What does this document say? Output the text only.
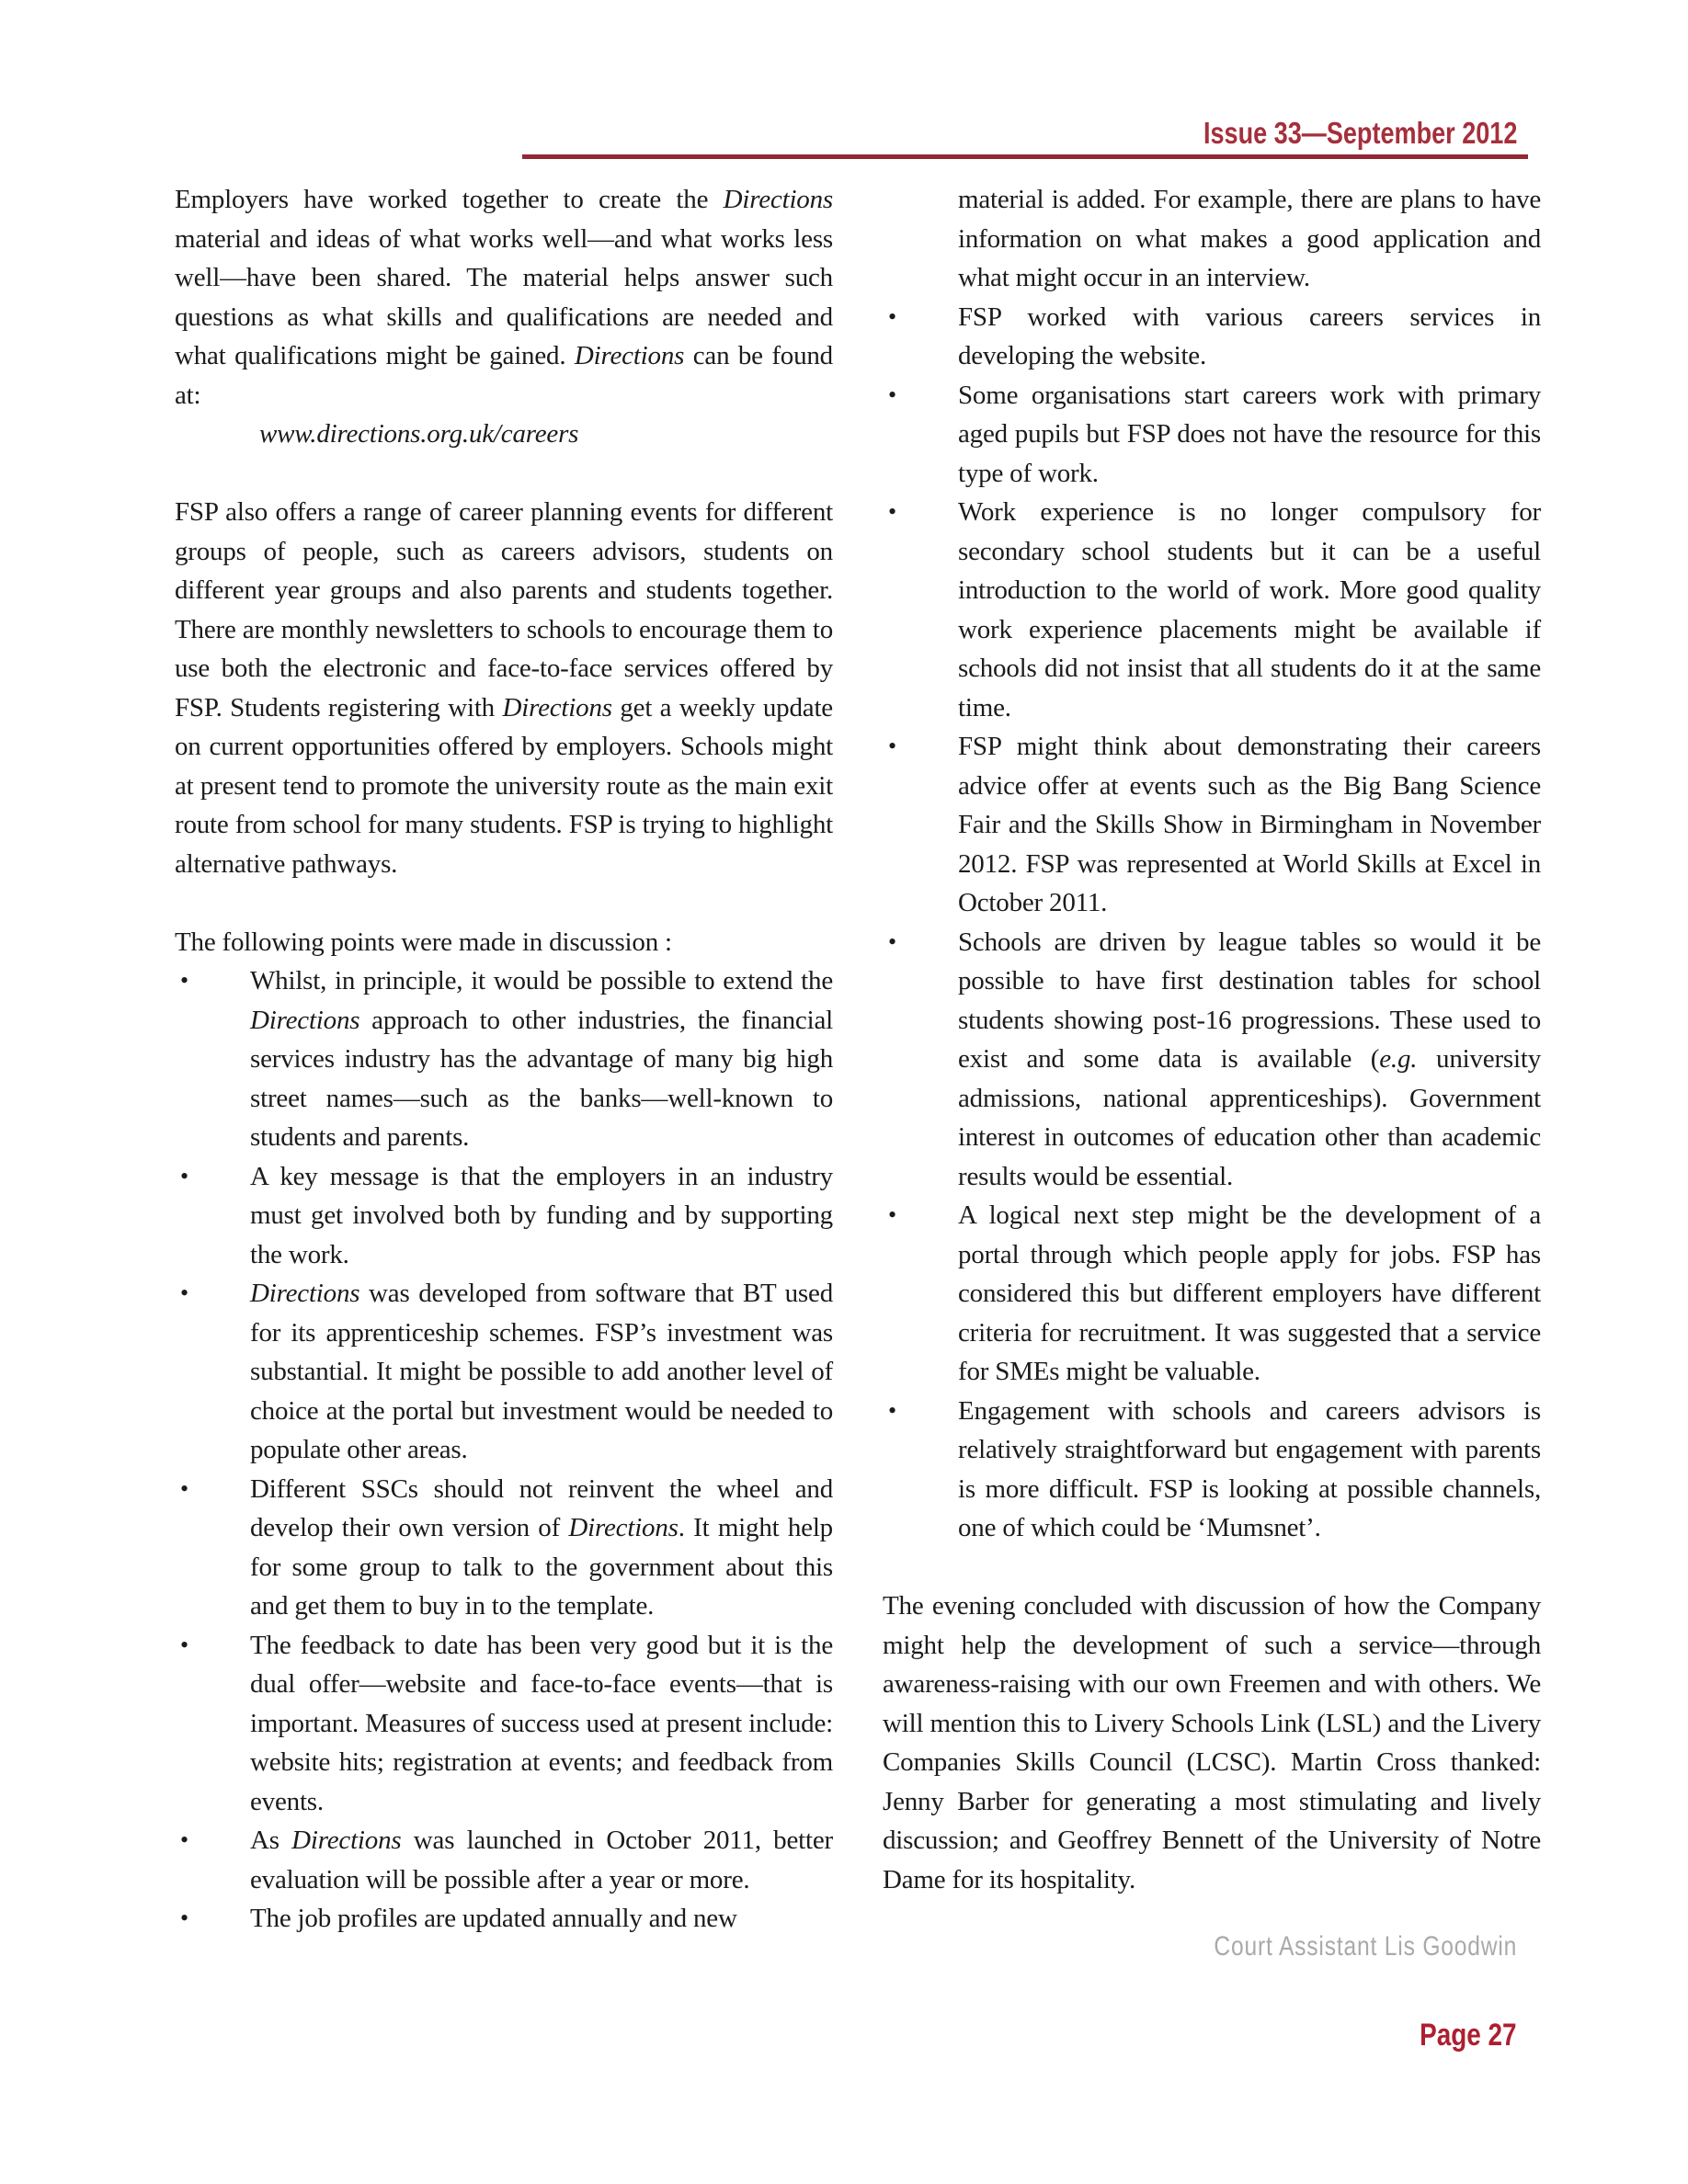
Issue 33—September 2012
Employers have worked together to create the Directions material and ideas of what works well—and what works less well—have been shared. The material helps answer such questions as what skills and qualifications are needed and what qualifications might be gained. Directions can be found at:
www.directions.org.uk/careers
FSP also offers a range of career planning events for different groups of people, such as careers advisors, students on different year groups and also parents and students together. There are monthly newsletters to schools to encourage them to use both the electronic and face-to-face services offered by FSP. Students registering with Directions get a weekly update on current opportunities offered by employers. Schools might at present tend to promote the university route as the main exit route from school for many students. FSP is trying to highlight alternative pathways.
The following points were made in discussion :
• Whilst, in principle, it would be possible to extend the Directions approach to other industries, the financial services industry has the advantage of many big high street names—such as the banks—well-known to students and parents.
• A key message is that the employers in an industry must get involved both by funding and by supporting the work.
• Directions was developed from software that BT used for its apprenticeship schemes. FSP’s investment was substantial. It might be possible to add another level of choice at the portal but investment would be needed to populate other areas.
• Different SSCs should not reinvent the wheel and develop their own version of Directions. It might help for some group to talk to the government about this and get them to buy in to the template.
• The feedback to date has been very good but it is the dual offer—website and face-to-face events—that is important. Measures of success used at present include: website hits; registration at events; and feedback from events.
• As Directions was launched in October 2011, better evaluation will be possible after a year or more.
• The job profiles are updated annually and new
material is added. For example, there are plans to have information on what makes a good application and what might occur in an interview.
• FSP worked with various careers services in developing the website.
• Some organisations start careers work with primary aged pupils but FSP does not have the resource for this type of work.
• Work experience is no longer compulsory for secondary school students but it can be a useful introduction to the world of work. More good quality work experience placements might be available if schools did not insist that all students do it at the same time.
• FSP might think about demonstrating their careers advice offer at events such as the Big Bang Science Fair and the Skills Show in Birmingham in November 2012. FSP was represented at World Skills at Excel in October 2011.
• Schools are driven by league tables so would it be possible to have first destination tables for school students showing post-16 progressions. These used to exist and some data is available (e.g. university admissions, national apprenticeships). Government interest in outcomes of education other than academic results would be essential.
• A logical next step might be the development of a portal through which people apply for jobs. FSP has considered this but different employers have different criteria for recruitment. It was suggested that a service for SMEs might be valuable.
• Engagement with schools and careers advisors is relatively straightforward but engagement with parents is more difficult. FSP is looking at possible channels, one of which could be ‘Mumsnet’.
The evening concluded with discussion of how the Company might help the development of such a service—through awareness-raising with our own Freemen and with others. We will mention this to Livery Schools Link (LSL) and the Livery Companies Skills Council (LCSC). Martin Cross thanked: Jenny Barber for generating a most stimulating and lively discussion; and Geoffrey Bennett of the University of Notre Dame for its hospitality.
Court Assistant Lis Goodwin
Page 27
